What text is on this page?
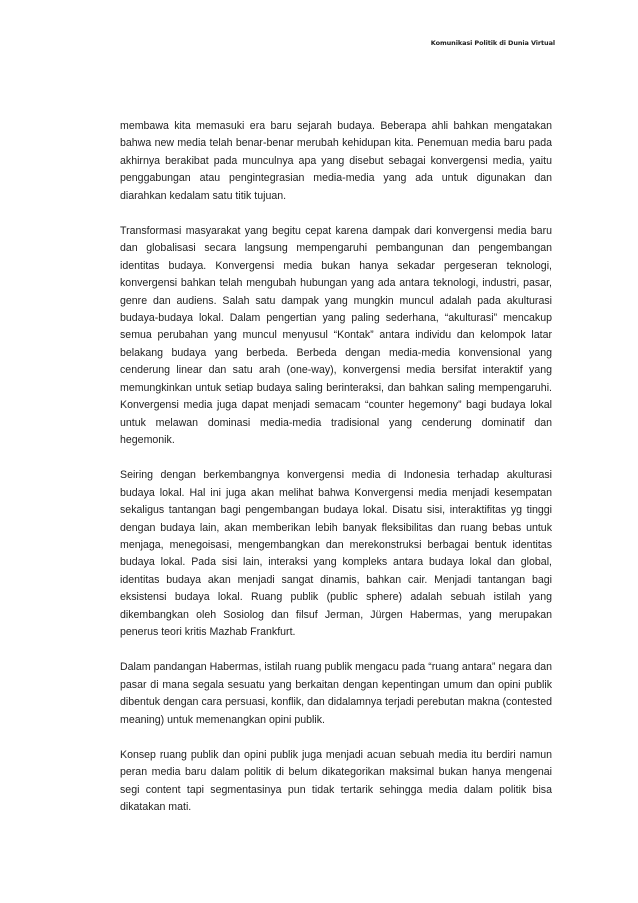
Komunikasi Politik di Dunia Virtual

membawa kita memasuki era baru sejarah budaya. Beberapa ahli bahkan mengatakan bahwa new media telah benar-benar merubah kehidupan kita. Penemuan media baru pada akhirnya berakibat pada munculnya apa yang disebut sebagai konvergensi media, yaitu penggabungan atau pengintegrasian media-media yang ada untuk digunakan dan diarahkan kedalam satu titik tujuan.

Transformasi masyarakat yang begitu cepat karena dampak dari konvergensi media baru dan globalisasi secara langsung mempengaruhi pembangunan dan pengembangan identitas budaya. Konvergensi media bukan hanya sekadar pergeseran teknologi, konvergensi bahkan telah mengubah hubungan yang ada antara teknologi, industri, pasar, genre dan audiens. Salah satu dampak yang mungkin muncul adalah pada akulturasi budaya-budaya lokal. Dalam pengertian yang paling sederhana, “akulturasi” mencakup semua perubahan yang muncul menyusul “Kontak” antara individu dan kelompok latar belakang budaya yang berbeda. Berbeda dengan media-media konvensional yang cenderung linear dan satu arah (one-way), konvergensi media bersifat interaktif yang memungkinkan untuk setiap budaya saling berinteraksi, dan bahkan saling mempengaruhi. Konvergensi media juga dapat menjadi semacam “counter hegemony” bagi budaya lokal untuk melawan dominasi media-media tradisional yang cenderung dominatif dan hegemonik.

Seiring dengan berkembangnya konvergensi media di Indonesia terhadap akulturasi budaya lokal. Hal ini juga akan melihat bahwa Konvergensi media menjadi kesempatan sekaligus tantangan bagi pengembangan budaya lokal. Disatu sisi, interaktifitas yg tinggi dengan budaya lain, akan memberikan lebih banyak fleksibilitas dan ruang bebas untuk menjaga, menegoisasi, mengembangkan dan merekonstruksi berbagai bentuk identitas budaya lokal. Pada sisi lain, interaksi yang kompleks antara budaya lokal dan global, identitas budaya akan menjadi sangat dinamis, bahkan cair. Menjadi tantangan bagi eksistensi budaya lokal. Ruang publik (public sphere) adalah sebuah istilah yang dikembangkan oleh Sosiolog dan filsuf Jerman, Jürgen Habermas, yang merupakan penerus teori kritis Mazhab Frankfurt.

Dalam pandangan Habermas, istilah ruang publik mengacu pada “ruang antara” negara dan pasar di mana segala sesuatu yang berkaitan dengan kepentingan umum dan opini publik dibentuk dengan cara persuasi, konflik, dan didalamnya terjadi perebutan makna (contested meaning) untuk memenangkan opini publik.

Konsep ruang publik dan opini publik juga menjadi acuan sebuah media itu berdiri namun peran media baru dalam politik di belum dikategorikan maksimal bukan hanya mengenai segi content tapi segmentasinya pun tidak tertarik sehingga media dalam politik bisa dikatakan mati.
